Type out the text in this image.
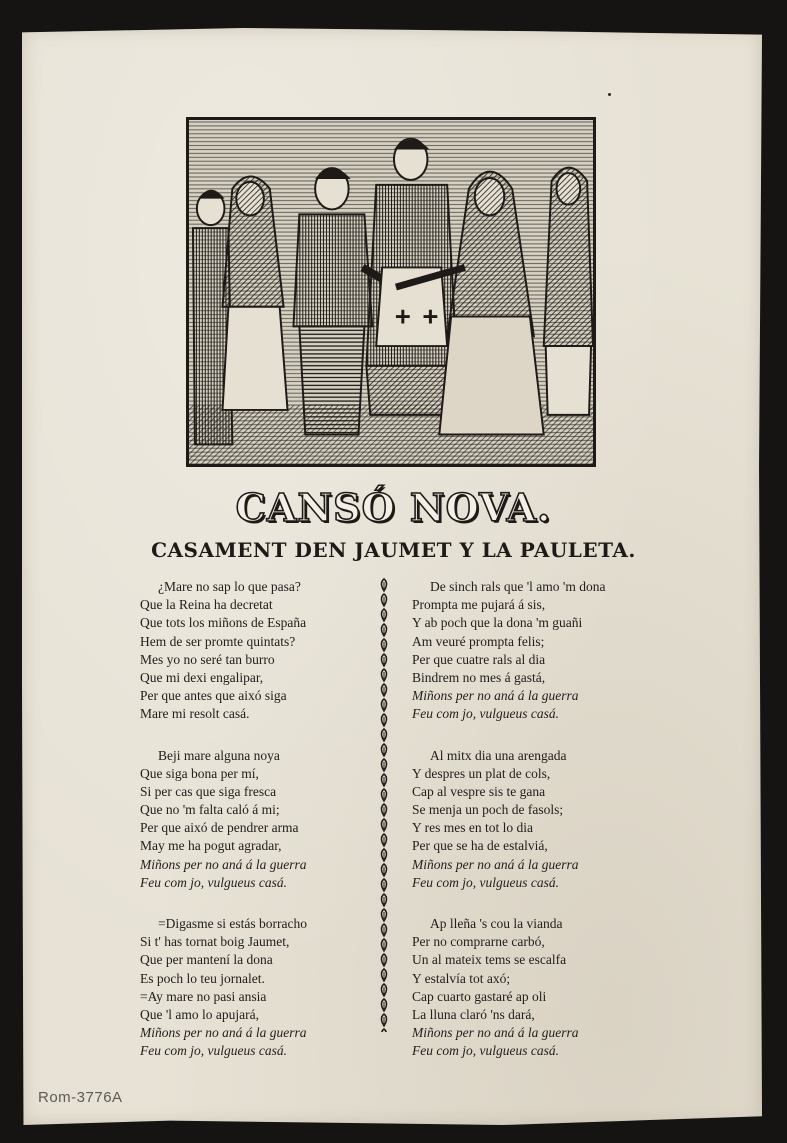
CANSÓ NOVA.
CASAMENT DEN JAUMET Y LA PAULETA.
¿Mare no sap lo que pasa?
Que la Reina ha decretat
Que tots los miñons de España
Hem de ser promte quintats?
Mes yo no seré tan burro
Que mi dexi engalipar,
Per que antes que aixó siga
Mare mi resolt casá.
Beji mare alguna noya
Que siga bona per mí,
Si per cas que siga fresca
Que no 'm falta caló á mi;
Per que aixó de pendrer arma
May me ha pogut agradar,
Miñons per no aná á la guerra
Feu com jo, vulgueus casá.
=Digasme si estás borracho
Si t' has tornat boig Jaumet,
Que per mantení la dona
Es poch lo teu jornalet.
=Ay mare no pasi ansia
Que 'l amo lo apujará,
Miñons per no aná á la guerra
Feu com jo, vulgueus casá.
De sinch rals que 'l amo 'm dona
Prompta me pujará á sis,
Y ab poch que la dona 'm guañi
Am veuré prompta felis;
Per que cuatre rals al dia
Bindrem no mes á gastá,
Miñons per no aná á la guerra
Feu com jo, vulgueus casá.
Al mitx dia una arengada
Y despres un plat de cols,
Cap al vespre sis te gana
Se menja un poch de fasols;
Y res mes en tot lo dia
Per que se ha de estalviá,
Miñons per no aná á la guerra
Feu com jo, vulgueus casá.
Ap lleña 's cou la vianda
Per no comprarne carbó,
Un al mateix tems se escalfa
Y estalvía tot axó;
Cap cuarto gastaré ap oli
La lluna claró 'ns dará,
Miñons per no aná á la guerra
Feu com jo, vulgueus casá.
Rom-3776A
